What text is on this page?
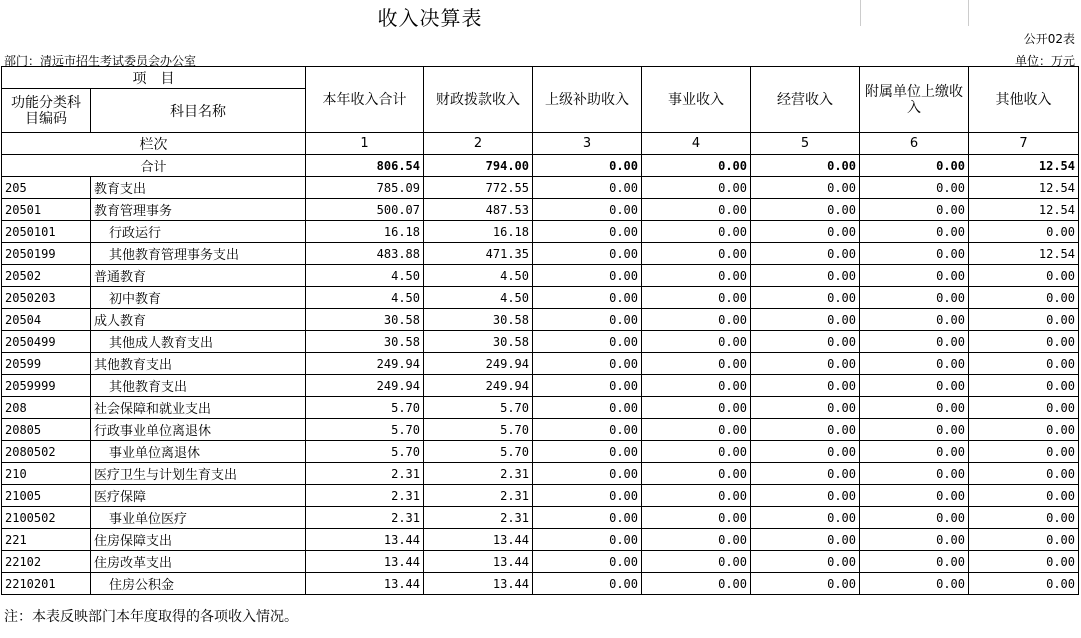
收入决算表
公开02表
部门：清远市招生考试委员会办公室	单位：万元
项　目		本年收入合计	财政拨款收入	上级补助收入	事业收入	经营收入	附属单位上缴收入	其他收入
功能分类科目编码	科目名称							
栏次		1	2	3	4	5	6	7
合计		806.54	794.00	0.00	0.00	0.00	0.00	12.54
205	教育支出	785.09	772.55	0.00	0.00	0.00	0.00	12.54
20501	教育管理事务	500.07	487.53	0.00	0.00	0.00	0.00	12.54
2050101	行政运行	16.18	16.18	0.00	0.00	0.00	0.00	0.00
2050199	其他教育管理事务支出	483.88	471.35	0.00	0.00	0.00	0.00	12.54
20502	普通教育	4.50	4.50	0.00	0.00	0.00	0.00	0.00
2050203	初中教育	4.50	4.50	0.00	0.00	0.00	0.00	0.00
20504	成人教育	30.58	30.58	0.00	0.00	0.00	0.00	0.00
2050499	其他成人教育支出	30.58	30.58	0.00	0.00	0.00	0.00	0.00
20599	其他教育支出	249.94	249.94	0.00	0.00	0.00	0.00	0.00
2059999	其他教育支出	249.94	249.94	0.00	0.00	0.00	0.00	0.00
208	社会保障和就业支出	5.70	5.70	0.00	0.00	0.00	0.00	0.00
20805	行政事业单位离退休	5.70	5.70	0.00	0.00	0.00	0.00	0.00
2080502	事业单位离退休	5.70	5.70	0.00	0.00	0.00	0.00	0.00
210	医疗卫生与计划生育支出	2.31	2.31	0.00	0.00	0.00	0.00	0.00
21005	医疗保障	2.31	2.31	0.00	0.00	0.00	0.00	0.00
2100502	事业单位医疗	2.31	2.31	0.00	0.00	0.00	0.00	0.00
221	住房保障支出	13.44	13.44	0.00	0.00	0.00	0.00	0.00
22102	住房改革支出	13.44	13.44	0.00	0.00	0.00	0.00	0.00
2210201	住房公积金	13.44	13.44	0.00	0.00	0.00	0.00	0.00
注：本表反映部门本年度取得的各项收入情况。
